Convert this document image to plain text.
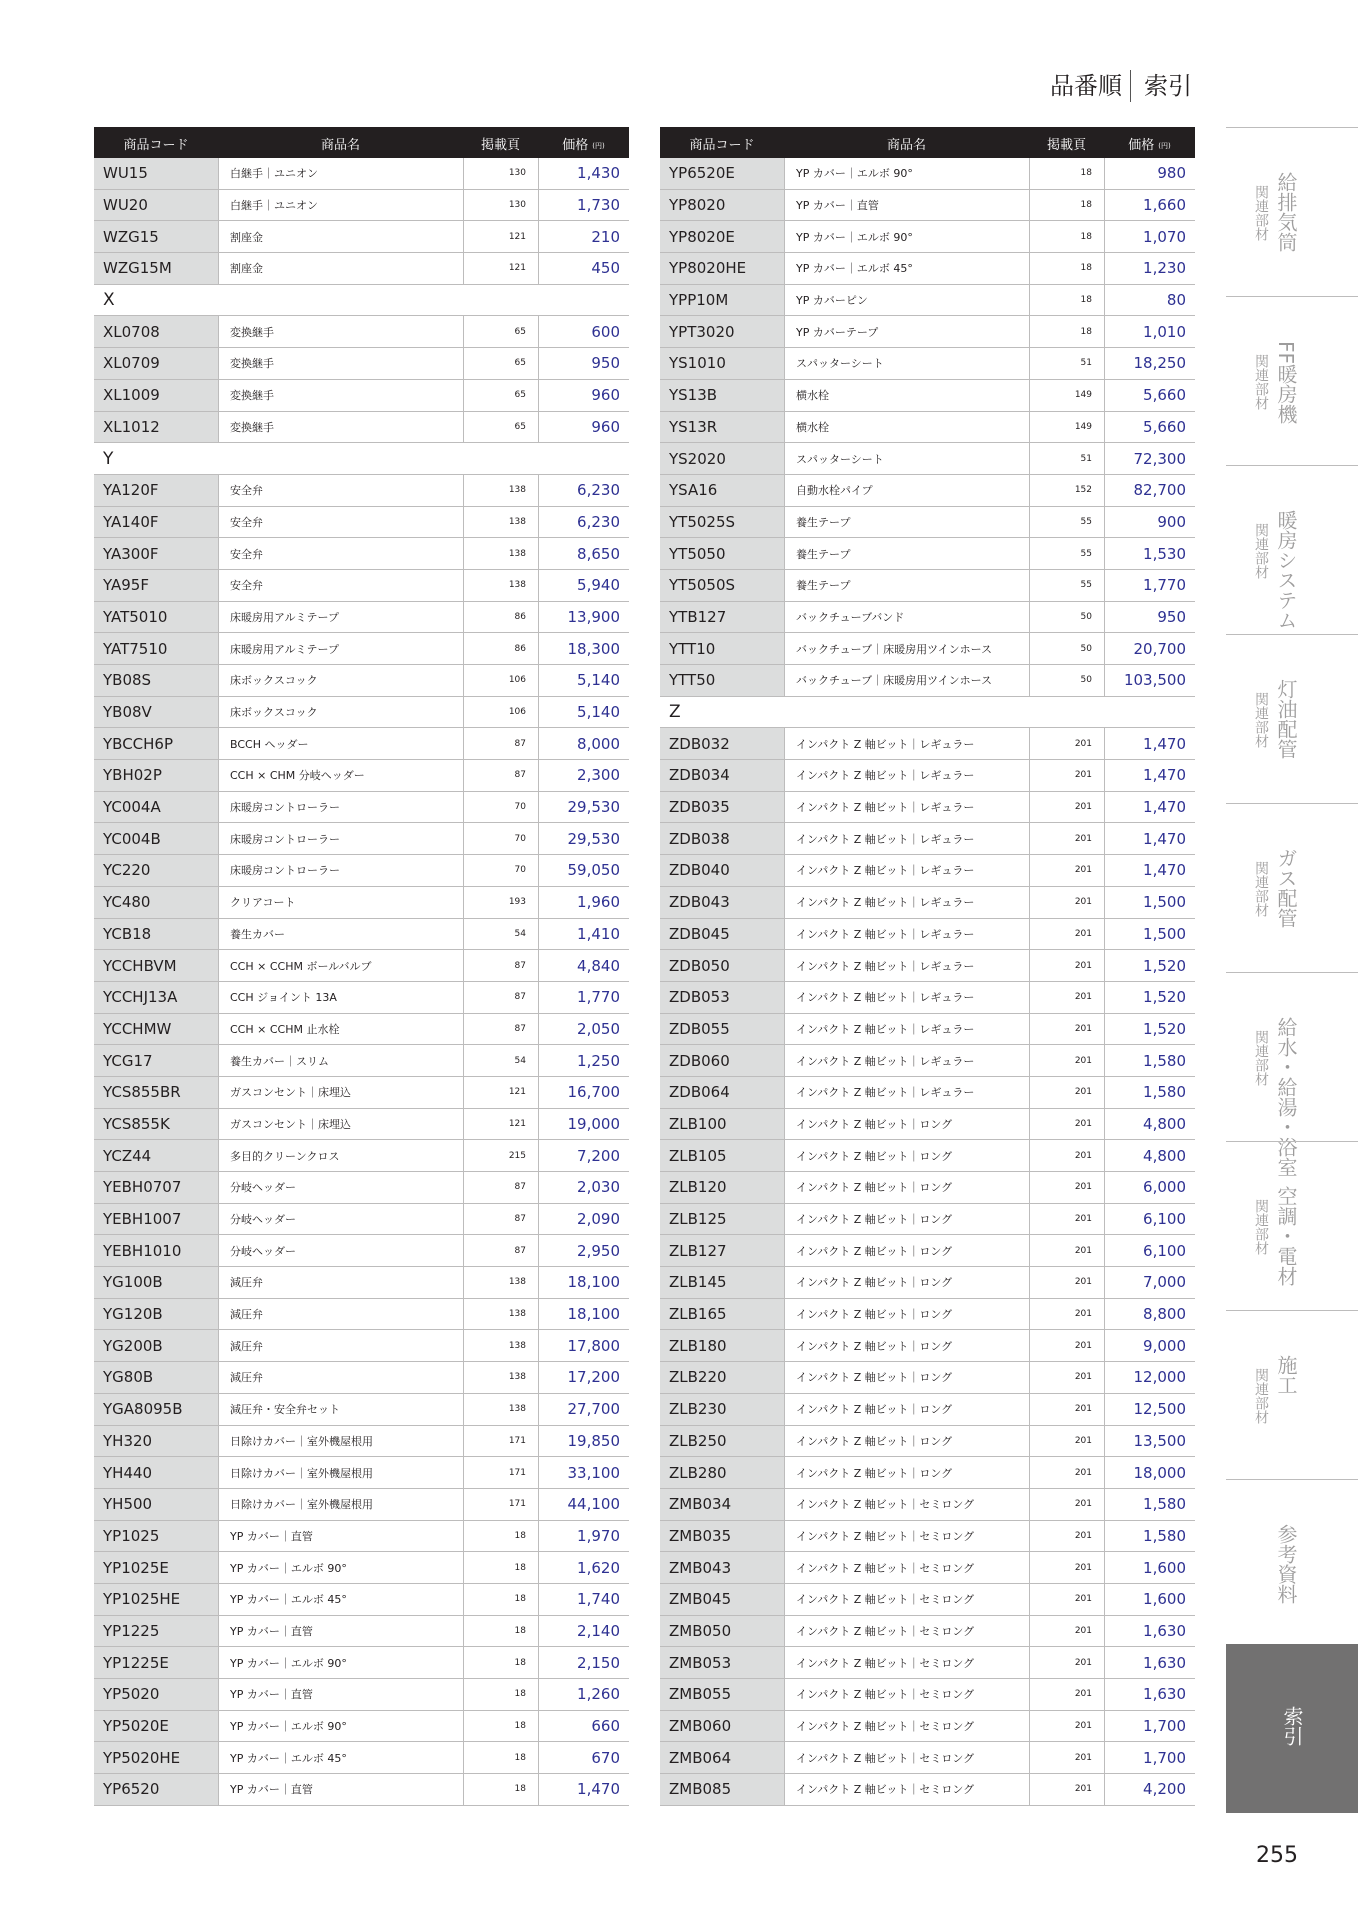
品番順 索引
商品コード	商品名	掲載頁	価格 (円)
WU15	白継手｜ユニオン	130	1,430
WU20	白継手｜ユニオン	130	1,730
WZG15	割座金	121	210
WZG15M	割座金	121	450
X
XL0708	変換継手	65	600
XL0709	変換継手	65	950
XL1009	変換継手	65	960
XL1012	変換継手	65	960
Y
YA120F	安全弁	138	6,230
YA140F	安全弁	138	6,230
YA300F	安全弁	138	8,650
YA95F	安全弁	138	5,940
YAT5010	床暖房用アルミテープ	86	13,900
YAT7510	床暖房用アルミテープ	86	18,300
YB08S	床ボックスコック	106	5,140
YB08V	床ボックスコック	106	5,140
YBCCH6P	BCCH ヘッダー	87	8,000
YBH02P	CCH × CHM 分岐ヘッダー	87	2,300
YC004A	床暖房コントローラー	70	29,530
YC004B	床暖房コントローラー	70	29,530
YC220	床暖房コントローラー	70	59,050
YC480	クリアコート	193	1,960
YCB18	養生カバー	54	1,410
YCCHBVM	CCH × CCHM ボールバルブ	87	4,840
YCCHJ13A	CCH ジョイント 13A	87	1,770
YCCHMW	CCH × CCHM 止水栓	87	2,050
YCG17	養生カバー｜スリム	54	1,250
YCS855BR	ガスコンセント｜床埋込	121	16,700
YCS855K	ガスコンセント｜床埋込	121	19,000
YCZ44	多目的クリーンクロス	215	7,200
YEBH0707	分岐ヘッダー	87	2,030
YEBH1007	分岐ヘッダー	87	2,090
YEBH1010	分岐ヘッダー	87	2,950
YG100B	減圧弁	138	18,100
YG120B	減圧弁	138	18,100
YG200B	減圧弁	138	17,800
YG80B	減圧弁	138	17,200
YGA8095B	減圧弁・安全弁セット	138	27,700
YH320	日除けカバー｜室外機屋根用	171	19,850
YH440	日除けカバー｜室外機屋根用	171	33,100
YH500	日除けカバー｜室外機屋根用	171	44,100
YP1025	YP カバー｜直管	18	1,970
YP1025E	YP カバー｜エルボ 90°	18	1,620
YP1025HE	YP カバー｜エルボ 45°	18	1,740
YP1225	YP カバー｜直管	18	2,140
YP1225E	YP カバー｜エルボ 90°	18	2,150
YP5020	YP カバー｜直管	18	1,260
YP5020E	YP カバー｜エルボ 90°	18	660
YP5020HE	YP カバー｜エルボ 45°	18	670
YP6520	YP カバー｜直管	18	1,470
商品コード	商品名	掲載頁	価格 (円)
YP6520E	YP カバー｜エルボ 90°	18	980
YP8020	YP カバー｜直管	18	1,660
YP8020E	YP カバー｜エルボ 90°	18	1,070
YP8020HE	YP カバー｜エルボ 45°	18	1,230
YPP10M	YP カバーピン	18	80
YPT3020	YP カバーテープ	18	1,010
YS1010	スパッターシート	51	18,250
YS13B	横水栓	149	5,660
YS13R	横水栓	149	5,660
YS2020	スパッターシート	51	72,300
YSA16	自動水栓パイプ	152	82,700
YT5025S	養生テープ	55	900
YT5050	養生テープ	55	1,530
YT5050S	養生テープ	55	1,770
YTB127	バックチューブバンド	50	950
YTT10	バックチューブ｜床暖房用ツインホース	50	20,700
YTT50	バックチューブ｜床暖房用ツインホース	50	103,500
Z
ZDB032	インパクト Z 軸ビット｜レギュラー	201	1,470
ZDB034	インパクト Z 軸ビット｜レギュラー	201	1,470
ZDB035	インパクト Z 軸ビット｜レギュラー	201	1,470
ZDB038	インパクト Z 軸ビット｜レギュラー	201	1,470
ZDB040	インパクト Z 軸ビット｜レギュラー	201	1,470
ZDB043	インパクト Z 軸ビット｜レギュラー	201	1,500
ZDB045	インパクト Z 軸ビット｜レギュラー	201	1,500
ZDB050	インパクト Z 軸ビット｜レギュラー	201	1,520
ZDB053	インパクト Z 軸ビット｜レギュラー	201	1,520
ZDB055	インパクト Z 軸ビット｜レギュラー	201	1,520
ZDB060	インパクト Z 軸ビット｜レギュラー	201	1,580
ZDB064	インパクト Z 軸ビット｜レギュラー	201	1,580
ZLB100	インパクト Z 軸ビット｜ロング	201	4,800
ZLB105	インパクト Z 軸ビット｜ロング	201	4,800
ZLB120	インパクト Z 軸ビット｜ロング	201	6,000
ZLB125	インパクト Z 軸ビット｜ロング	201	6,100
ZLB127	インパクト Z 軸ビット｜ロング	201	6,100
ZLB145	インパクト Z 軸ビット｜ロング	201	7,000
ZLB165	インパクト Z 軸ビット｜ロング	201	8,800
ZLB180	インパクト Z 軸ビット｜ロング	201	9,000
ZLB220	インパクト Z 軸ビット｜ロング	201	12,000
ZLB230	インパクト Z 軸ビット｜ロング	201	12,500
ZLB250	インパクト Z 軸ビット｜ロング	201	13,500
ZLB280	インパクト Z 軸ビット｜ロング	201	18,000
ZMB034	インパクト Z 軸ビット｜セミロング	201	1,580
ZMB035	インパクト Z 軸ビット｜セミロング	201	1,580
ZMB043	インパクト Z 軸ビット｜セミロング	201	1,600
ZMB045	インパクト Z 軸ビット｜セミロング	201	1,600
ZMB050	インパクト Z 軸ビット｜セミロング	201	1,630
ZMB053	インパクト Z 軸ビット｜セミロング	201	1,630
ZMB055	インパクト Z 軸ビット｜セミロング	201	1,630
ZMB060	インパクト Z 軸ビット｜セミロング	201	1,700
ZMB064	インパクト Z 軸ビット｜セミロング	201	1,700
ZMB085	インパクト Z 軸ビット｜セミロング	201	4,200
給排気筒
関連部材
FF暖房機
関連部材
暖房システム
関連部材
灯油配管
関連部材
ガス配管
関連部材
給水・給湯・浴室
関連部材
空調・電材
関連部材
施工
関連部材
参考資料
索引
255
